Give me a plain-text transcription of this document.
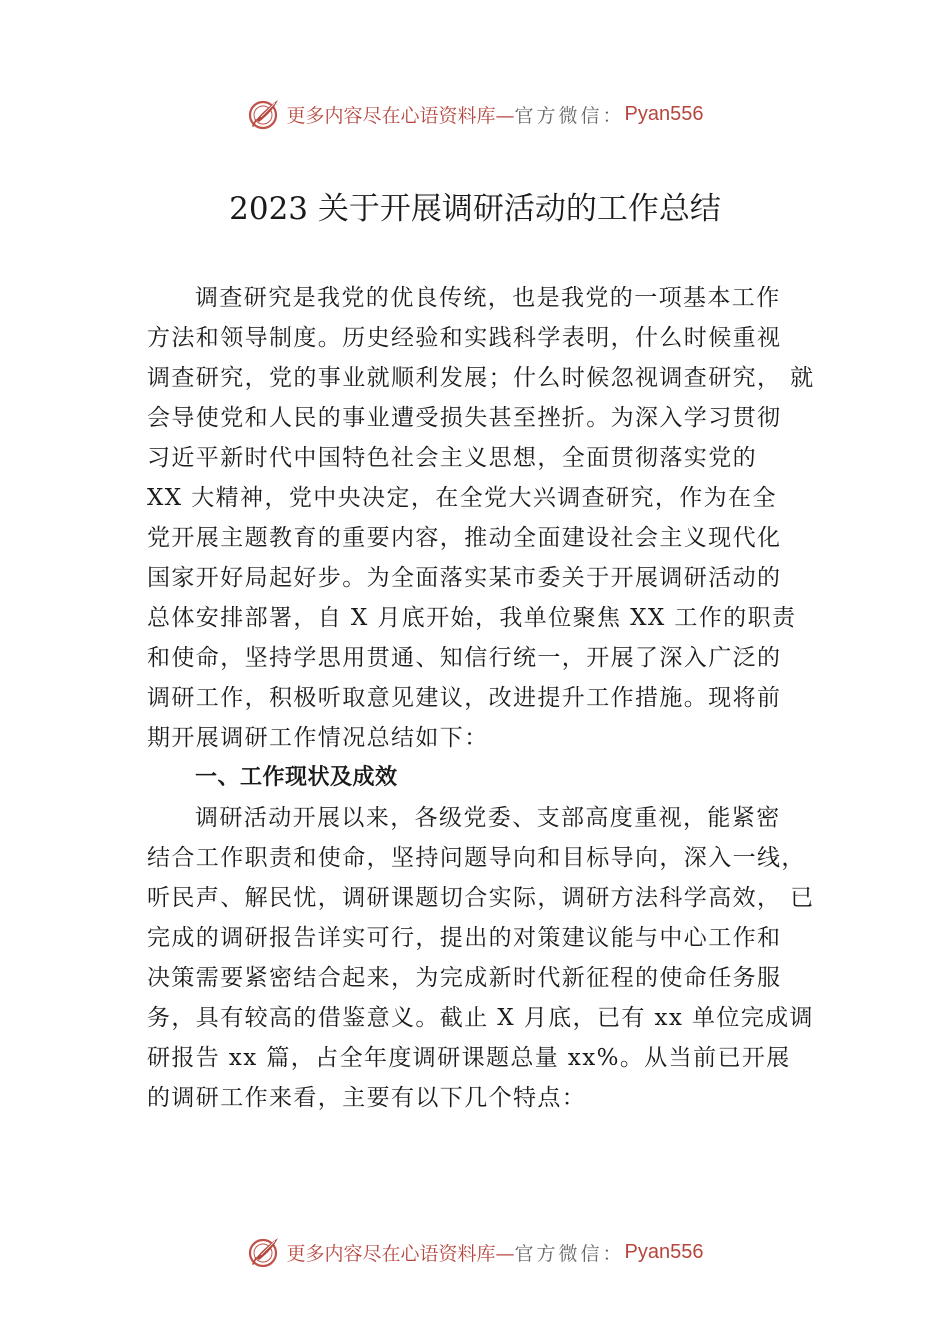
更多内容尽在心语资料库— 官方微信： Pyan556
2023 关于开展调研活动的工作总结
调查研究是我党的优良传统，也是我党的一项基本工作
方法和领导制度。历史经验和实践科学表明，什么时候重视
调查研究，党的事业就顺利发展；什么时候忽视调查研究， 就
会导使党和人民的事业遭受损失甚至挫折。为深入学习贯彻
习近平新时代中国特色社会主义思想，全面贯彻落实党的
XX 大精神，党中央决定，在全党大兴调查研究，作为在全
党开展主题教育的重要内容，推动全面建设社会主义现代化
国家开好局起好步。为全面落实某市委关于开展调研活动的
总体安排部署，自 X 月底开始，我单位聚焦 XX 工作的职责
和使命，坚持学思用贯通、知信行统一，开展了深入广泛的
调研工作，积极听取意见建议，改进提升工作措施。现将前
期开展调研工作情况总结如下：
一、工作现状及成效
调研活动开展以来，各级党委、支部高度重视，能紧密
结合工作职责和使命，坚持问题导向和目标导向，深入一线，
听民声、解民忧，调研课题切合实际，调研方法科学高效， 已
完成的调研报告详实可行，提出的对策建议能与中心工作和
决策需要紧密结合起来，为完成新时代新征程的使命任务服
务，具有较高的借鉴意义。截止 X 月底，已有 xx 单位完成调
研报告 xx 篇，占全年度调研课题总量 xx%。从当前已开展
的调研工作来看，主要有以下几个特点：
更多内容尽在心语资料库— 官方微信： Pyan556
